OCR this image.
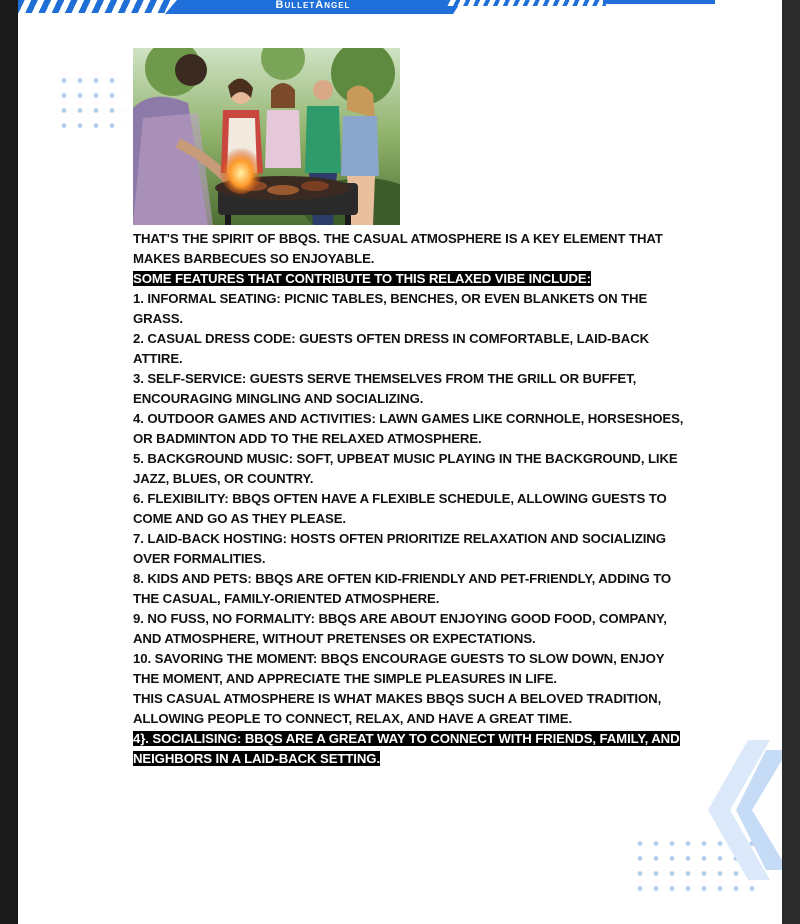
BulletAngel

THAT'S THE SPIRIT OF BBQS. THE CASUAL ATMOSPHERE IS A KEY ELEMENT THAT MAKES BARBECUES SO ENJOYABLE.

SOME FEATURES THAT CONTRIBUTE TO THIS RELAXED VIBE INCLUDE:

1. INFORMAL SEATING: PICNIC TABLES, BENCHES, OR EVEN BLANKETS ON THE GRASS.

2. CASUAL DRESS CODE: GUESTS OFTEN DRESS IN COMFORTABLE, LAID-BACK ATTIRE.

3. SELF-SERVICE: GUESTS SERVE THEMSELVES FROM THE GRILL OR BUFFET, ENCOURAGING MINGLING AND SOCIALIZING.

4. OUTDOOR GAMES AND ACTIVITIES: LAWN GAMES LIKE CORNHOLE, HORSESHOES, OR BADMINTON ADD TO THE RELAXED ATMOSPHERE.

5. BACKGROUND MUSIC: SOFT, UPBEAT MUSIC PLAYING IN THE BACKGROUND, LIKE JAZZ, BLUES, OR COUNTRY.

6. FLEXIBILITY: BBQS OFTEN HAVE A FLEXIBLE SCHEDULE, ALLOWING GUESTS TO COME AND GO AS THEY PLEASE.

7. LAID-BACK HOSTING: HOSTS OFTEN PRIORITIZE RELAXATION AND SOCIALIZING OVER FORMALITIES.

8. KIDS AND PETS: BBQS ARE OFTEN KID-FRIENDLY AND PET-FRIENDLY, ADDING TO THE CASUAL, FAMILY-ORIENTED ATMOSPHERE.

9. NO FUSS, NO FORMALITY: BBQS ARE ABOUT ENJOYING GOOD FOOD, COMPANY, AND ATMOSPHERE, WITHOUT PRETENSES OR EXPECTATIONS.

10. SAVORING THE MOMENT: BBQS ENCOURAGE GUESTS TO SLOW DOWN, ENJOY THE MOMENT, AND APPRECIATE THE SIMPLE PLEASURES IN LIFE.

THIS CASUAL ATMOSPHERE IS WHAT MAKES BBQS SUCH A BELOVED TRADITION, ALLOWING PEOPLE TO CONNECT, RELAX, AND HAVE A GREAT TIME.

4}. SOCIALISING: BBQS ARE A GREAT WAY TO CONNECT WITH FRIENDS, FAMILY, AND NEIGHBORS IN A LAID-BACK SETTING.
